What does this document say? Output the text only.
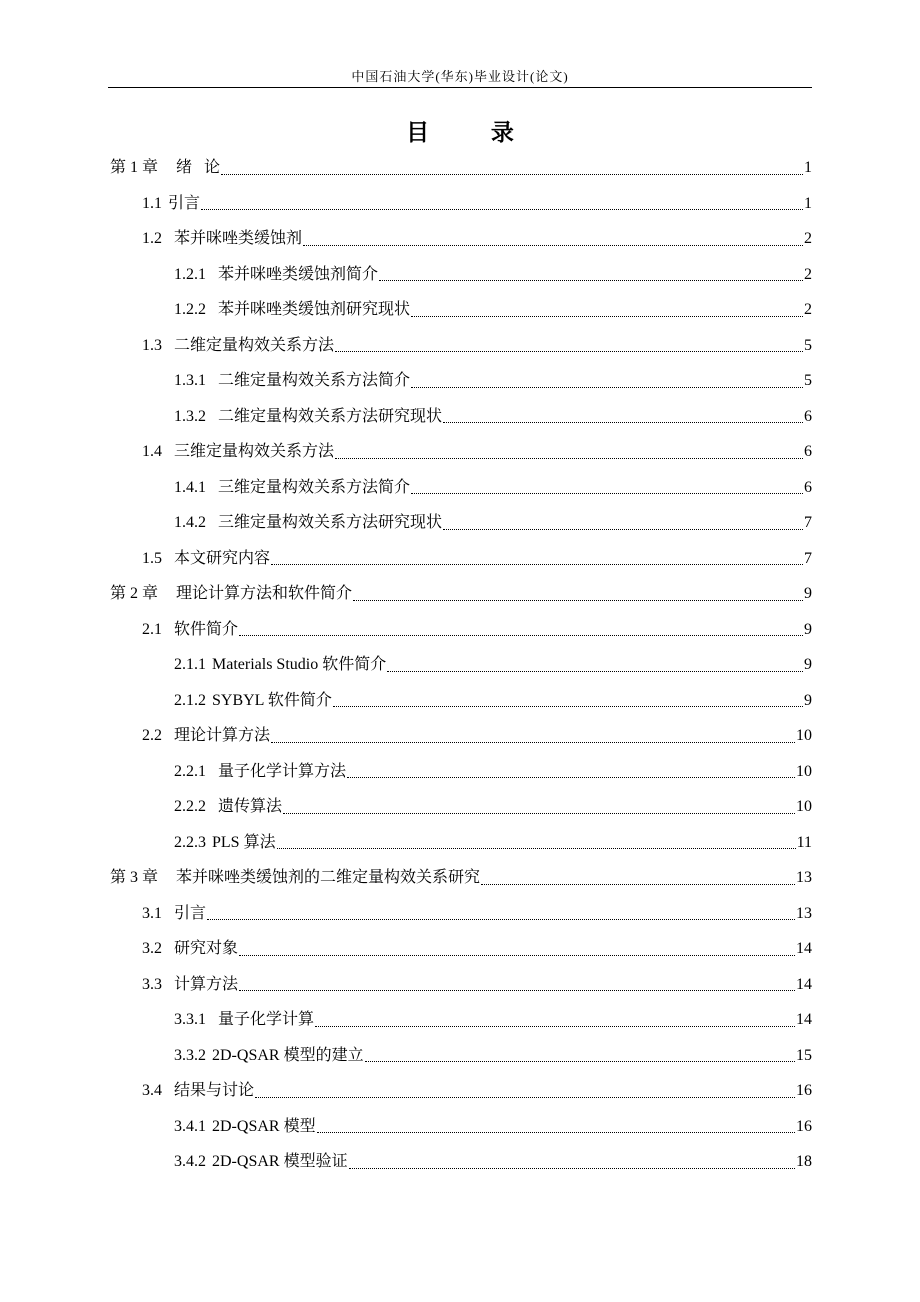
中国石油大学(华东)毕业设计(论文)
目 录
第 1 章 绪   论	1
1.1 引言	1
1.2 苯并咪唑类缓蚀剂	2
1.2.1 苯并咪唑类缓蚀剂简介	2
1.2.2 苯并咪唑类缓蚀剂研究现状	2
1.3 二维定量构效关系方法	5
1.3.1 二维定量构效关系方法简介	5
1.3.2 二维定量构效关系方法研究现状	6
1.4 三维定量构效关系方法	6
1.4.1 三维定量构效关系方法简介	6
1.4.2 三维定量构效关系方法研究现状	7
1.5 本文研究内容	7
第 2 章 理论计算方法和软件简介	9
2.1 软件简介	9
2.1.1 Materials Studio 软件简介	9
2.1.2 SYBYL 软件简介	9
2.2 理论计算方法	10
2.2.1 量子化学计算方法	10
2.2.2 遗传算法	10
2.2.3 PLS 算法	11
第 3 章 苯并咪唑类缓蚀剂的二维定量构效关系研究	13
3.1 引言	13
3.2 研究对象	14
3.3 计算方法	14
3.3.1 量子化学计算	14
3.3.2 2D-QSAR 模型的建立	15
3.4 结果与讨论	16
3.4.1 2D-QSAR 模型	16
3.4.2 2D-QSAR 模型验证	18
